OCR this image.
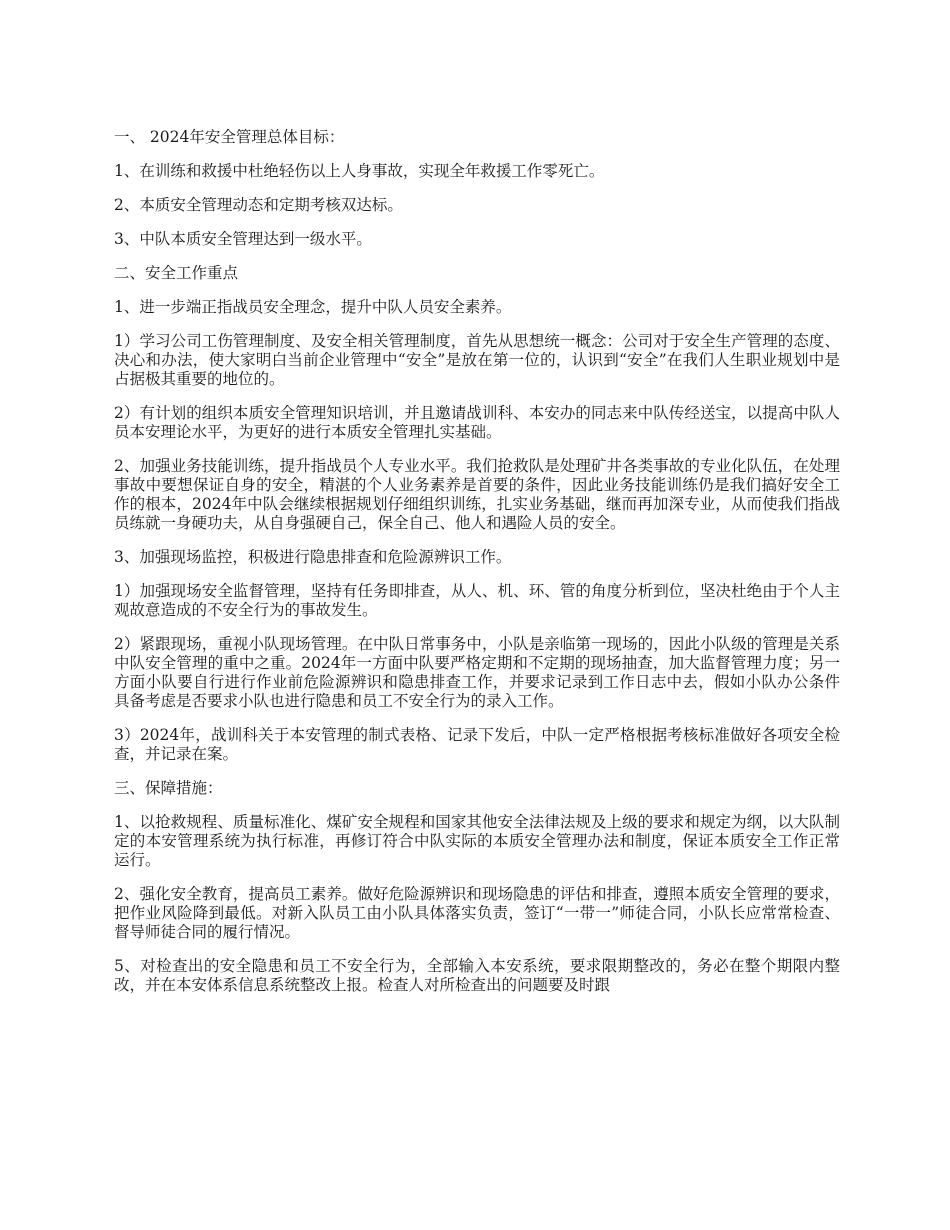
一、 2024年安全管理总体目标：

1、在训练和救援中杜绝轻伤以上人身事故，实现全年救援工作零死亡。

2、本质安全管理动态和定期考核双达标。

3、中队本质安全管理达到一级水平。

二、安全工作重点

1、进一步端正指战员安全理念，提升中队人员安全素养。

1）学习公司工伤管理制度、及安全相关管理制度，首先从思想统一概念：公司对于安全生产管理的态度、决心和办法，使大家明白当前企业管理中“安全”是放在第一位的，认识到“安全”在我们人生职业规划中是占据极其重要的地位的。

2）有计划的组织本质安全管理知识培训，并且邀请战训科、本安办的同志来中队传经送宝，以提高中队人员本安理论水平，为更好的进行本质安全管理扎实基础。

2、加强业务技能训练，提升指战员个人专业水平。我们抢救队是处理矿井各类事故的专业化队伍，在处理事故中要想保证自身的安全，精湛的个人业务素养是首要的条件，因此业务技能训练仍是我们搞好安全工作的根本，2024年中队会继续根据规划仔细组织训练，扎实业务基础，继而再加深专业，从而使我们指战员练就一身硬功夫，从自身强硬自己，保全自己、他人和遇险人员的安全。

3、加强现场监控，积极进行隐患排查和危险源辨识工作。

1）加强现场安全监督管理，坚持有任务即排查，从人、机、环、管的角度分析到位，坚决杜绝由于个人主观故意造成的不安全行为的事故发生。

2）紧跟现场，重视小队现场管理。在中队日常事务中，小队是亲临第一现场的，因此小队级的管理是关系中队安全管理的重中之重。2024年一方面中队要严格定期和不定期的现场抽查，加大监督管理力度；另一方面小队要自行进行作业前危险源辨识和隐患排查工作，并要求记录到工作日志中去，假如小队办公条件具备考虑是否要求小队也进行隐患和员工不安全行为的录入工作。

3）2024年，战训科关于本安管理的制式表格、记录下发后，中队一定严格根据考核标准做好各项安全检查，并记录在案。

三、保障措施：

1、以抢救规程、质量标准化、煤矿安全规程和国家其他安全法律法规及上级的要求和规定为纲，以大队制定的本安管理系统为执行标准，再修订符合中队实际的本质安全管理办法和制度，保证本质安全工作正常运行。

2、强化安全教育，提高员工素养。做好危险源辨识和现场隐患的评估和排查，遵照本质安全管理的要求，把作业风险降到最低。对新入队员工由小队具体落实负责，签订“一带一”师徒合同，小队长应常常检查、督导师徒合同的履行情况。

5、对检查出的安全隐患和员工不安全行为，全部输入本安系统，要求限期整改的，务必在整个期限内整改，并在本安体系信息系统整改上报。检查人对所检查出的问题要及时跟
